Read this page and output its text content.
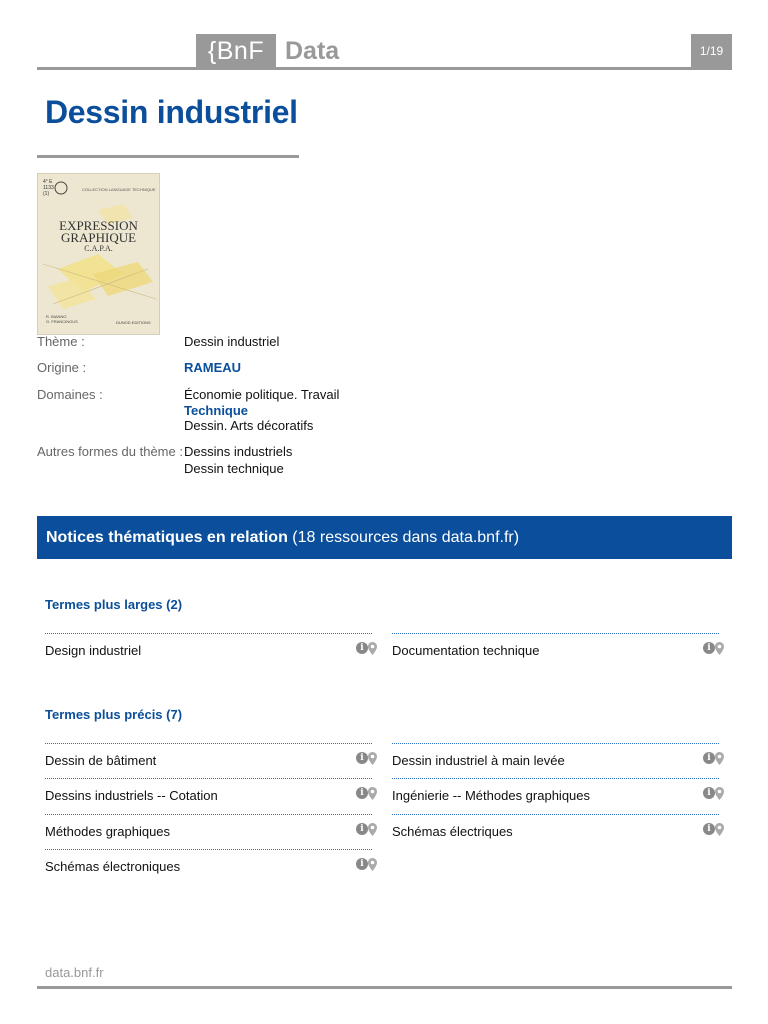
{BnF Data	1/19
Dessin industriel
4° E
1133
(1)
COLLECTION LANGUAGE TECHNIQUE
EXPRESSION
GRAPHIQUE
C.A.P.A.
R. BIANNO
G. FRANCINOUS	DUNOD EDITIONS
Thème :	Dessin industriel
Origine :	RAMEAU
Domaines :	Économie politique. Travail
Technique
Dessin. Arts décoratifs
Autres formes du thème : Dessins industriels
Dessin technique
Notices thématiques en relation (18 ressources dans data.bnf.fr)
Termes plus larges (2)
Design industriel	i	Documentation technique	i
Termes plus précis (7)
Dessin de bâtiment	i	Dessin industriel à main levée	i
Dessins industriels -- Cotation	i	Ingénierie -- Méthodes graphiques	i
Méthodes graphiques	i	Schémas électriques	i
Schémas électroniques	i
data.bnf.fr
